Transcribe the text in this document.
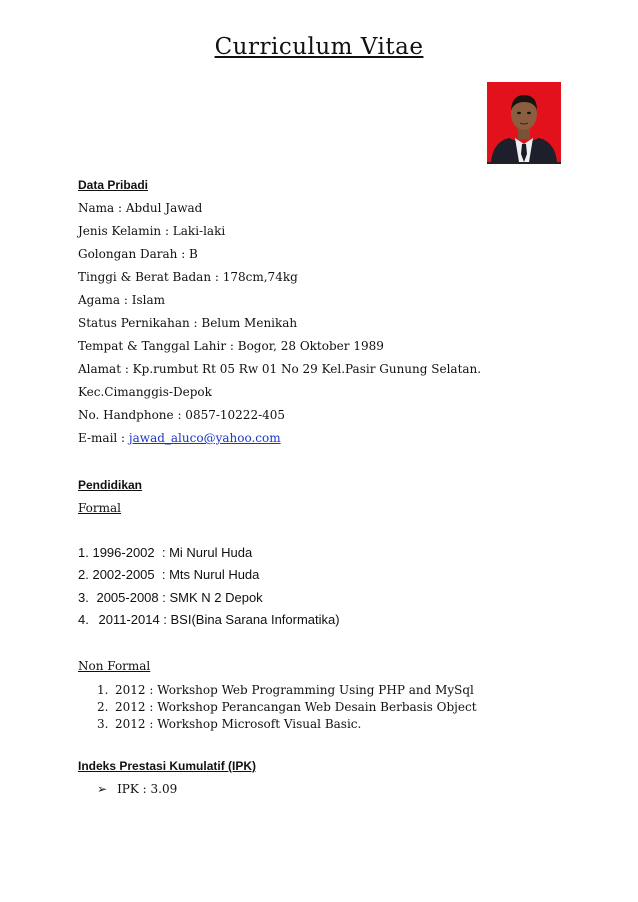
Curriculum Vitae
Data Pribadi
Nama : Abdul Jawad
Jenis Kelamin : Laki-laki
Golongan Darah : B
Tinggi & Berat Badan : 178cm,74kg
Agama : Islam
Status Pernikahan : Belum Menikah
Tempat & Tanggal Lahir : Bogor, 28 Oktober 1989
Alamat : Kp.rumbut Rt 05 Rw 01 No 29 Kel.Pasir Gunung Selatan.
Kec.Cimanggis-Depok
No. Handphone : 0857-10222-405
E-mail : jawad_aluco@yahoo.com
Pendidikan
Formal
1. 1996-2002  : Mi Nurul Huda
2. 2002-2005  : Mts Nurul Huda
3. 2005-2008 : SMK N 2 Depok
4. 2011-2014 : BSI(Bina Sarana Informatika)
Non Formal
1. 2012 : Workshop Web Programming Using PHP and MySql
2. 2012 : Workshop Perancangan Web Desain Berbasis Object
3. 2012 : Workshop Microsoft Visual Basic.
Indeks Prestasi Kumulatif (IPK)
➢ IPK : 3.09
